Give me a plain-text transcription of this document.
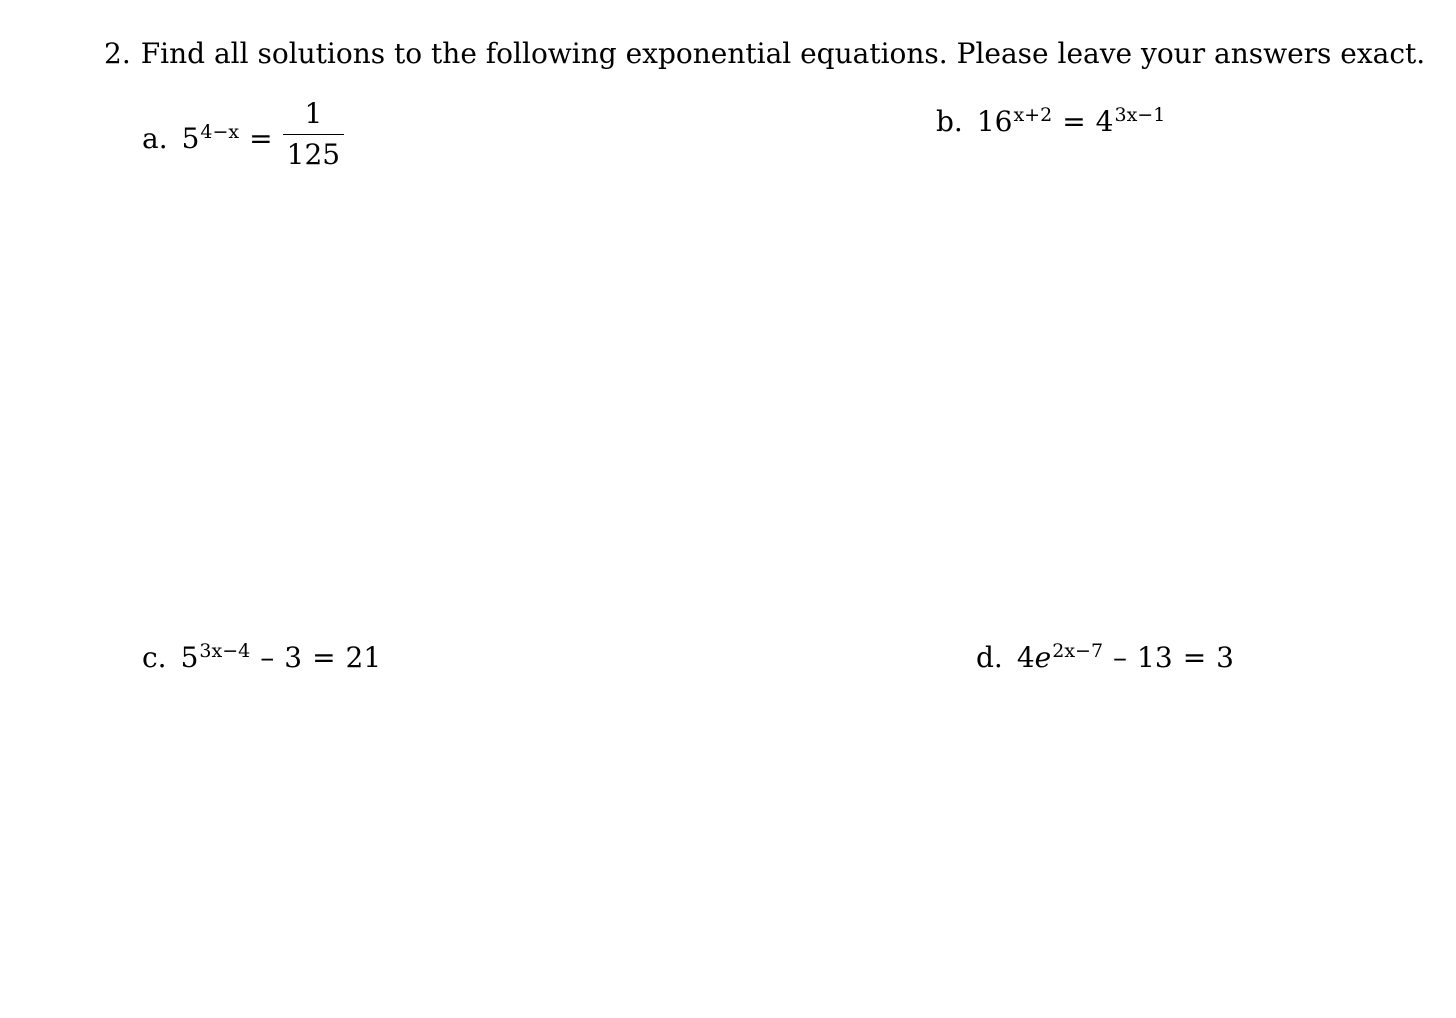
2. Find all solutions to the following exponential equations. Please leave your answers exact.
a. $5^{4-x} = \frac{1}{125}$	b. $16^{x+2} = 4^{3x-1}$
c. $5^{3x-4} - 3 = 21$	d. $4e^{2x-7} - 13 = 3$
